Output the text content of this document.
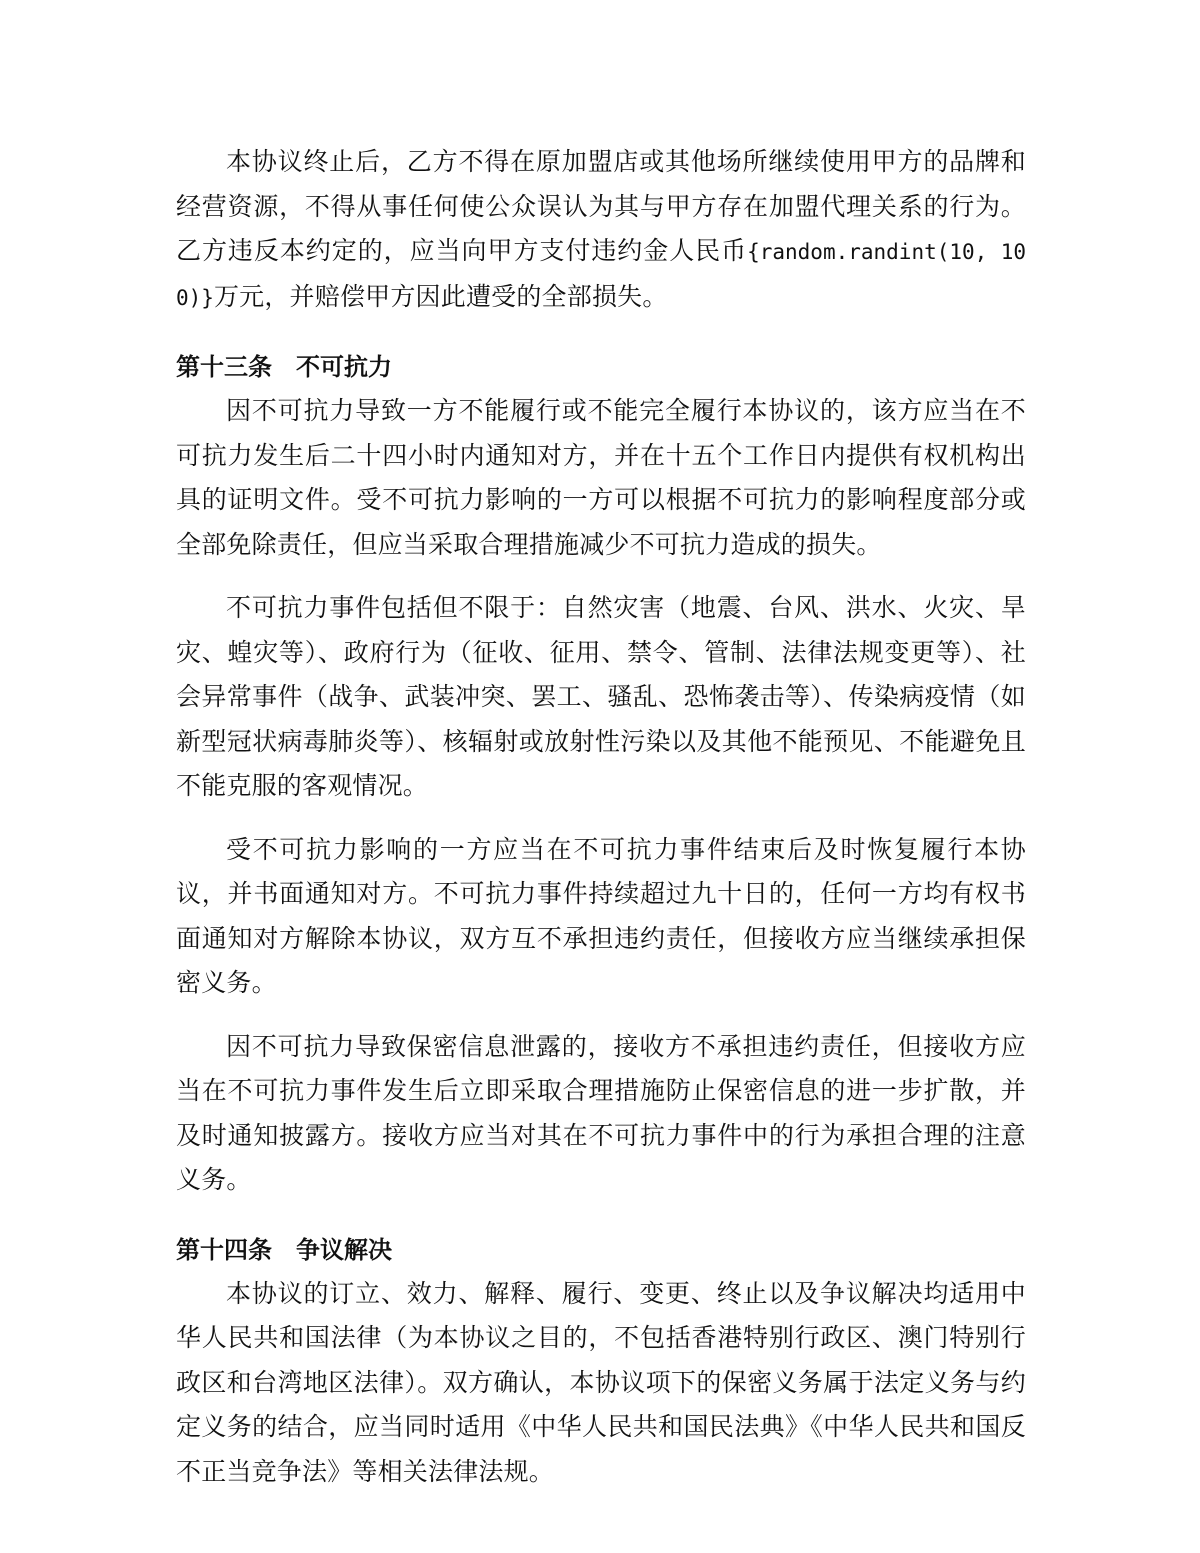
本协议终止后，乙方不得在原加盟店或其他场所继续使用甲方的品牌和经营资源，不得从事任何使公众误认为其与甲方存在加盟代理关系的行为。乙方违反本约定的，应当向甲方支付违约金人民币{random.randint(10, 100)}万元，并赔偿甲方因此遭受的全部损失。

第十三条 不可抗力

因不可抗力导致一方不能履行或不能完全履行本协议的，该方应当在不可抗力发生后二十四小时内通知对方，并在十五个工作日内提供有权机构出具的证明文件。受不可抗力影响的一方可以根据不可抗力的影响程度部分或全部免除责任，但应当采取合理措施减少不可抗力造成的损失。

不可抗力事件包括但不限于：自然灾害（地震、台风、洪水、火灾、旱灾、蝗灾等）、政府行为（征收、征用、禁令、管制、法律法规变更等）、社会异常事件（战争、武装冲突、罢工、骚乱、恐怖袭击等）、传染病疫情（如新型冠状病毒肺炎等）、核辐射或放射性污染以及其他不能预见、不能避免且不能克服的客观情况。

受不可抗力影响的一方应当在不可抗力事件结束后及时恢复履行本协议，并书面通知对方。不可抗力事件持续超过九十日的，任何一方均有权书面通知对方解除本协议，双方互不承担违约责任，但接收方应当继续承担保密义务。

因不可抗力导致保密信息泄露的，接收方不承担违约责任，但接收方应当在不可抗力事件发生后立即采取合理措施防止保密信息的进一步扩散，并及时通知披露方。接收方应当对其在不可抗力事件中的行为承担合理的注意义务。

第十四条 争议解决

本协议的订立、效力、解释、履行、变更、终止以及争议解决均适用中华人民共和国法律（为本协议之目的，不包括香港特别行政区、澳门特别行政区和台湾地区法律）。双方确认，本协议项下的保密义务属于法定义务与约定义务的结合，应当同时适用《中华人民共和国民法典》《中华人民共和国反不正当竞争法》等相关法律法规。
